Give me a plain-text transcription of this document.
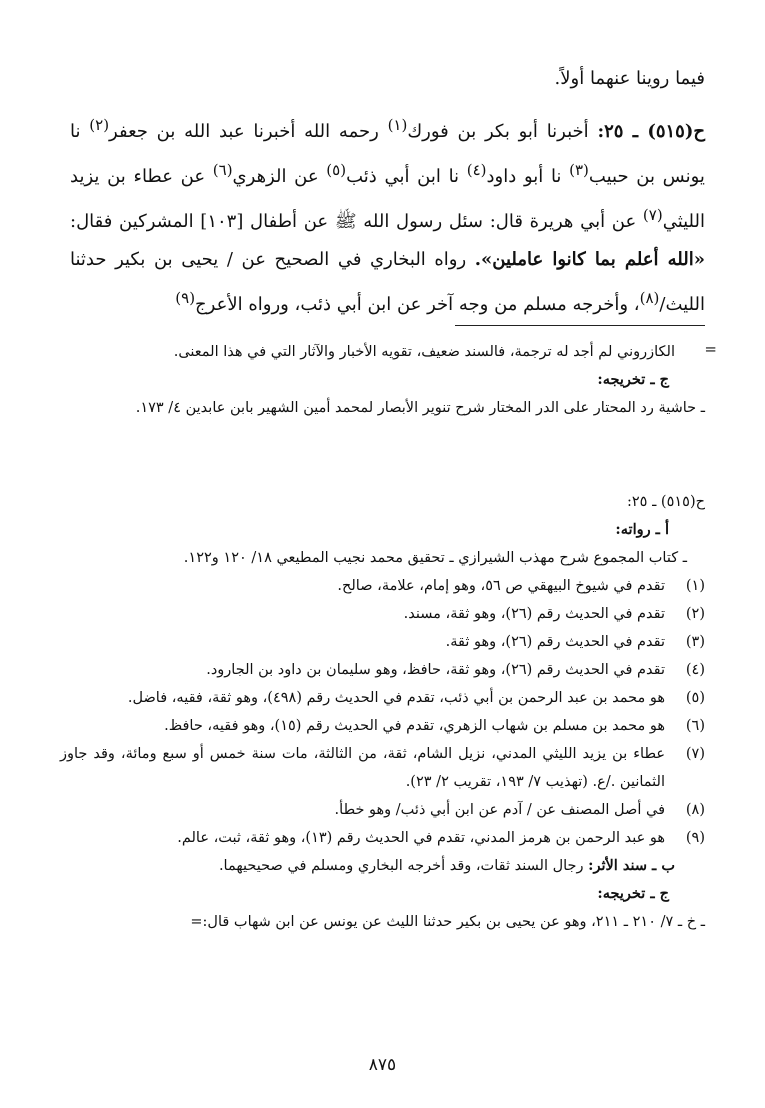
فيما روينا عنهما أولاً.

ح(٥١٥) ـ ٢٥: أخبرنا أبو بكر بن فورك$^{(١)}$ رحمه الله أخبرنا عبد الله بن جعفر$^{(٢)}$ نا يونس بن حبيب$^{(٣)}$ نا أبو داود$^{(٤)}$ نا ابن أبي ذئب$^{(٥)}$ عن الزهري$^{(٦)}$ عن عطاء بن يزيد الليثي$^{(٧)}$ عن أبي هريرة قال: سئل رسول الله ﷺ عن أطفال [١٠٣] المشركين فقال: «الله أعلم بما كانوا عاملين». رواه البخاري في الصحيح عن / يحيى بن بكير حدثنا الليث/$^{(٨)}$، وأخرجه مسلم من وجه آخر عن ابن أبي ذئب، ورواه الأعرج$^{(٩)}$

=

الكازروني لم أجد له ترجمة، فالسند ضعيف، تقويه الأخبار والآثار التي في هذا المعنى.

ج ـ تخريجه:

ـ حاشية رد المحتار على الدر المختار شرح تنوير الأبصار لمحمد أمين الشهير بابن عابدين ٤/ ١٧٣.

ح(٥١٥) ـ ٢٥:

أ ـ رواته:

ـ كتاب المجموع شرح مهذب الشيرازي ـ تحقيق محمد نجيب المطيعي ١٨/ ١٢٠ و١٢٢.

(١)
تقدم في شيوخ البيهقي ص ٥٦، وهو إمام، علامة، صالح.
(٢)
تقدم في الحديث رقم (٢٦)، وهو ثقة، مسند.
(٣)
تقدم في الحديث رقم (٢٦)، وهو ثقة.
(٤)
تقدم في الحديث رقم (٢٦)، وهو ثقة، حافظ، وهو سليمان بن داود بن الجارود.
(٥)
هو محمد بن عبد الرحمن بن أبي ذئب، تقدم في الحديث رقم (٤٩٨)، وهو ثقة، فقيه، فاضل.
(٦)
هو محمد بن مسلم بن شهاب الزهري، تقدم في الحديث رقم (١٥)، وهو فقيه، حافظ.
(٧)
عطاء بن يزيد الليثي المدني، نزيل الشام، ثقة، من الثالثة، مات سنة خمس أو سبع ومائة، وقد جاوز الثمانين ./ع. (تهذيب ٧/ ١٩٣، تقريب ٢/ ٢٣).
(٨)
في أصل المصنف عن / آدم عن ابن أبي ذئب/ وهو خطأ.
(٩)
هو عبد الرحمن بن هرمز المدني، تقدم في الحديث رقم (١٣)، وهو ثقة، ثبت، عالم.

ب ـ سند الأثر: رجال السند ثقات، وقد أخرجه البخاري ومسلم في صحيحيهما.

ج ـ تخريجه:

ـ خ ـ ٧/ ٢١٠ ـ ٢١١، وهو عن يحيى بن بكير حدثنا الليث عن يونس عن ابن شهاب قال:=

٨٧٥
